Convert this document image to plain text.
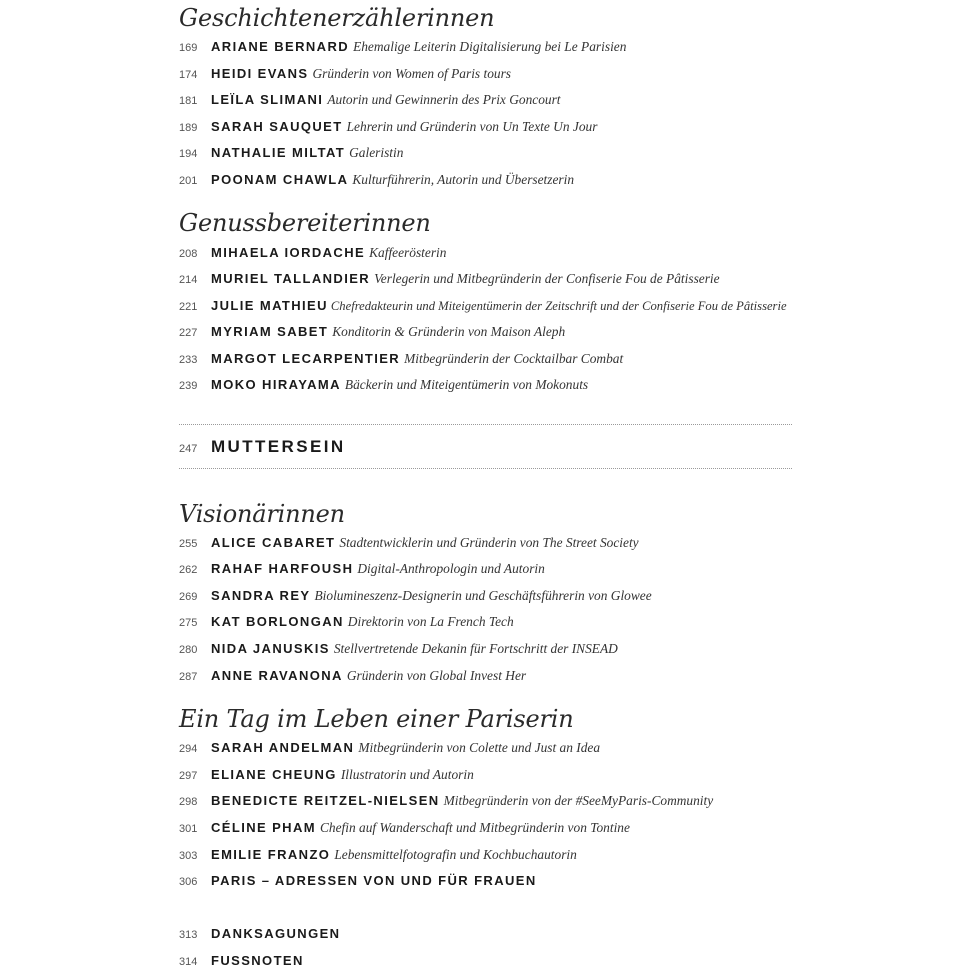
Geschichtenerzählerinnen
169 ARIANE BERNARD Ehemalige Leiterin Digitalisierung bei Le Parisien
174 HEIDI EVANS Gründerin von Women of Paris tours
181 LEÏLA SLIMANI Autorin und Gewinnerin des Prix Goncourt
189 SARAH SAUQUET Lehrerin und Gründerin von Un Texte Un Jour
194 NATHALIE MILTAT Galeristin
201 POONAM CHAWLA Kulturführerin, Autorin und Übersetzerin
Genussbereiterinnen
208 MIHAELA IORDACHE Kaffeerösterin
214 MURIEL TALLANDIER Verlegerin und Mitbegründerin der Confiserie Fou de Pâtisserie
221 JULIE MATHIEU Chefredakteurin und Miteigentümerin der Zeitschrift und der Confiserie Fou de Pâtisserie
227 MYRIAM SABET Konditorin & Gründerin von Maison Aleph
233 MARGOT LECARPENTIER Mitbegründerin der Cocktailbar Combat
239 MOKO HIRAYAMA Bäckerin und Miteigentümerin von Mokonuts
247 MUTTERSEIN
Visionärinnen
255 ALICE CABARET Stadtentwicklerin und Gründerin von The Street Society
262 RAHAF HARFOUSH Digital-Anthropologin und Autorin
269 SANDRA REY Biolumineszenz-Designerin und Geschäftsführerin von Glowee
275 KAT BORLONGAN Direktorin von La French Tech
280 NIDA JANUSKIS Stellvertretende Dekanin für Fortschritt der INSEAD
287 ANNE RAVANONA Gründerin von Global Invest Her
Ein Tag im Leben einer Pariserin
294 SARAH ANDELMAN Mitbegründerin von Colette und Just an Idea
297 ELIANE CHEUNG Illustratorin und Autorin
298 BENEDICTE REITZEL-NIELSEN Mitbegründerin von der #SeeMyParis-Community
301 CÉLINE PHAM Chefin auf Wanderschaft und Mitbegründerin von Tontine
303 EMILIE FRANZO Lebensmittelfotografin und Kochbuchautorin
306 PARIS – ADRESSEN VON UND FÜR FRAUEN
313 DANKSAGUNGEN
314 FUSSNOTEN
